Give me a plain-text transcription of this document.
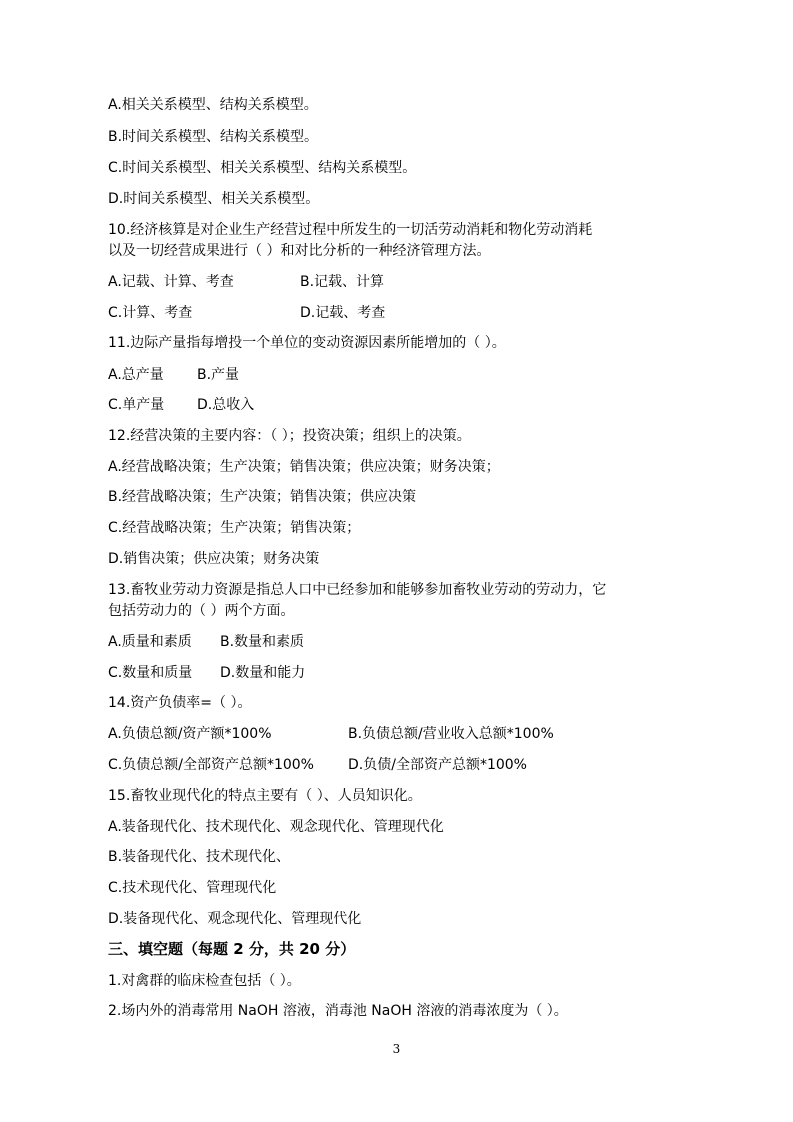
A.相关关系模型、结构关系模型。
B.时间关系模型、结构关系模型。
C.时间关系模型、相关关系模型、结构关系模型。
D.时间关系模型、相关关系模型。
10.经济核算是对企业生产经营过程中所发生的一切活劳动消耗和物化劳动消耗
以及一切经营成果进行（ ）和对比分析的一种经济管理方法。
A.记载、计算、考查	B.记载、计算
C.计算、考查	D.记载、考查
11.边际产量指每增投一个单位的变动资源因素所能增加的（ ）。
A.总产量 B.产量
C.单产量 D.总收入
12.经营决策的主要内容：（ ）；投资决策；组织上的决策。
A.经营战略决策；生产决策；销售决策；供应决策；财务决策；
B.经营战略决策；生产决策；销售决策；供应决策
C.经营战略决策；生产决策；销售决策；
D.销售决策；供应决策；财务决策
13.畜牧业劳动力资源是指总人口中已经参加和能够参加畜牧业劳动的劳动力，它
包括劳动力的（ ）两个方面。
A.质量和素质 B.数量和素质
C.数量和质量 D.数量和能力
14.资产负债率=（ ）。
A.负债总额/资产额*100%	B.负债总额/营业收入总额*100%
C.负债总额/全部资产总额*100% D.负债/全部资产总额*100%
15.畜牧业现代化的特点主要有（ ）、人员知识化。
A.装备现代化、技术现代化、观念现代化、管理现代化
B.装备现代化、技术现代化、
C.技术现代化、管理现代化
D.装备现代化、观念现代化、管理现代化
三、填空题（每题 2 分，共 20 分）
1.对禽群的临床检查包括（ ）。
2.场内外的消毒常用 NaOH 溶液，消毒池 NaOH 溶液的消毒浓度为（ ）。
3
